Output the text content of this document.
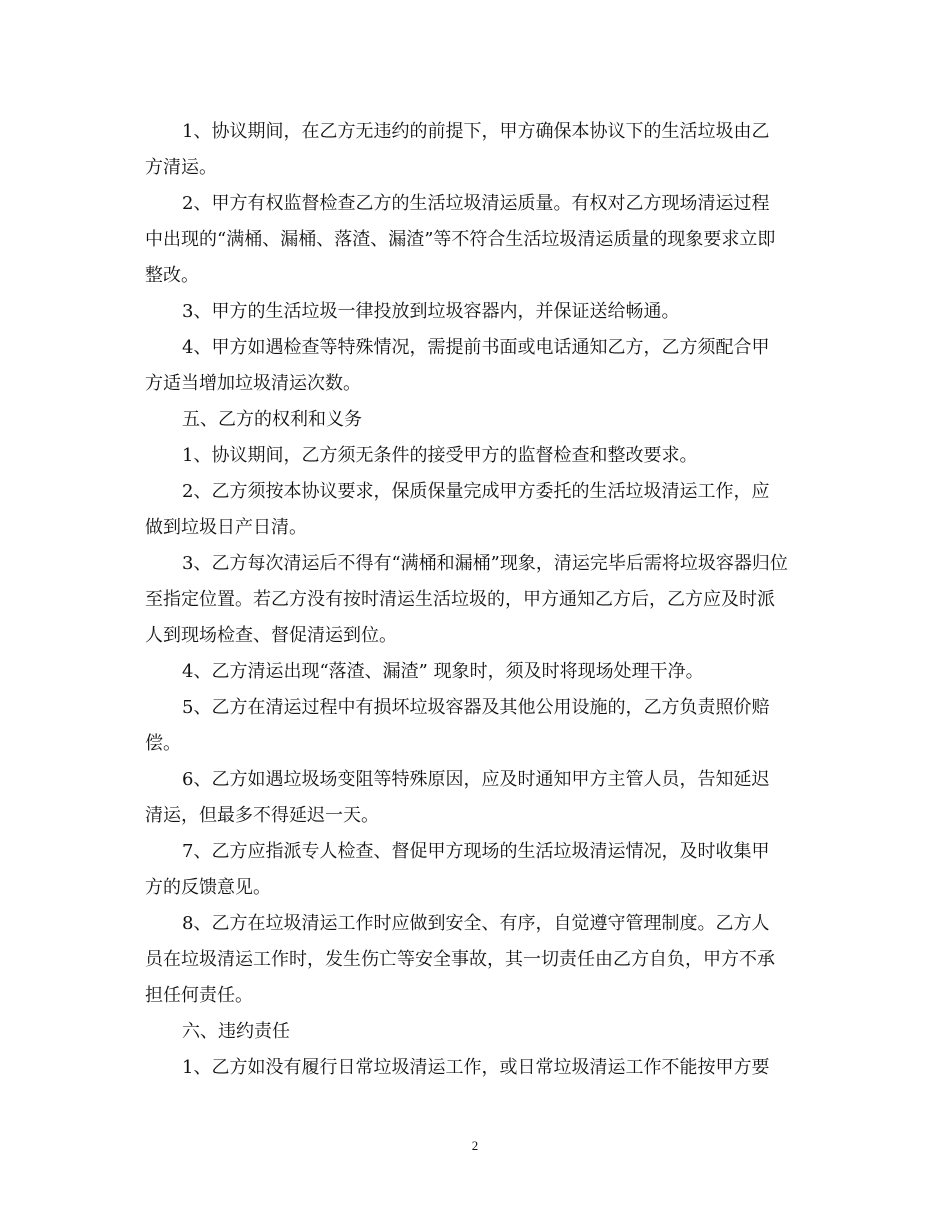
1、协议期间，在乙方无违约的前提下，甲方确保本协议下的生活垃圾由乙
方清运。
2、甲方有权监督检查乙方的生活垃圾清运质量。有权对乙方现场清运过程
中出现的“满桶、漏桶、落渣、漏渣”等不符合生活垃圾清运质量的现象要求立即
整改。
3、甲方的生活垃圾一律投放到垃圾容器内，并保证送给畅通。
4、甲方如遇检查等特殊情况，需提前书面或电话通知乙方，乙方须配合甲
方适当增加垃圾清运次数。
五、乙方的权利和义务
1、协议期间，乙方须无条件的接受甲方的监督检查和整改要求。
2、乙方须按本协议要求，保质保量完成甲方委托的生活垃圾清运工作，应
做到垃圾日产日清。
3、乙方每次清运后不得有“满桶和漏桶”现象，清运完毕后需将垃圾容器归位
至指定位置。若乙方没有按时清运生活垃圾的，甲方通知乙方后，乙方应及时派
人到现场检查、督促清运到位。
4、乙方清运出现“落渣、漏渣” 现象时，须及时将现场处理干净。
5、乙方在清运过程中有损坏垃圾容器及其他公用设施的，乙方负责照价赔
偿。
6、乙方如遇垃圾场变阻等特殊原因，应及时通知甲方主管人员，告知延迟
清运，但最多不得延迟一天。
7、乙方应指派专人检查、督促甲方现场的生活垃圾清运情况，及时收集甲
方的反馈意见。
8、乙方在垃圾清运工作时应做到安全、有序，自觉遵守管理制度。乙方人
员在垃圾清运工作时，发生伤亡等安全事故，其一切责任由乙方自负，甲方不承
担任何责任。
六、违约责任
1、乙方如没有履行日常垃圾清运工作，或日常垃圾清运工作不能按甲方要
2
